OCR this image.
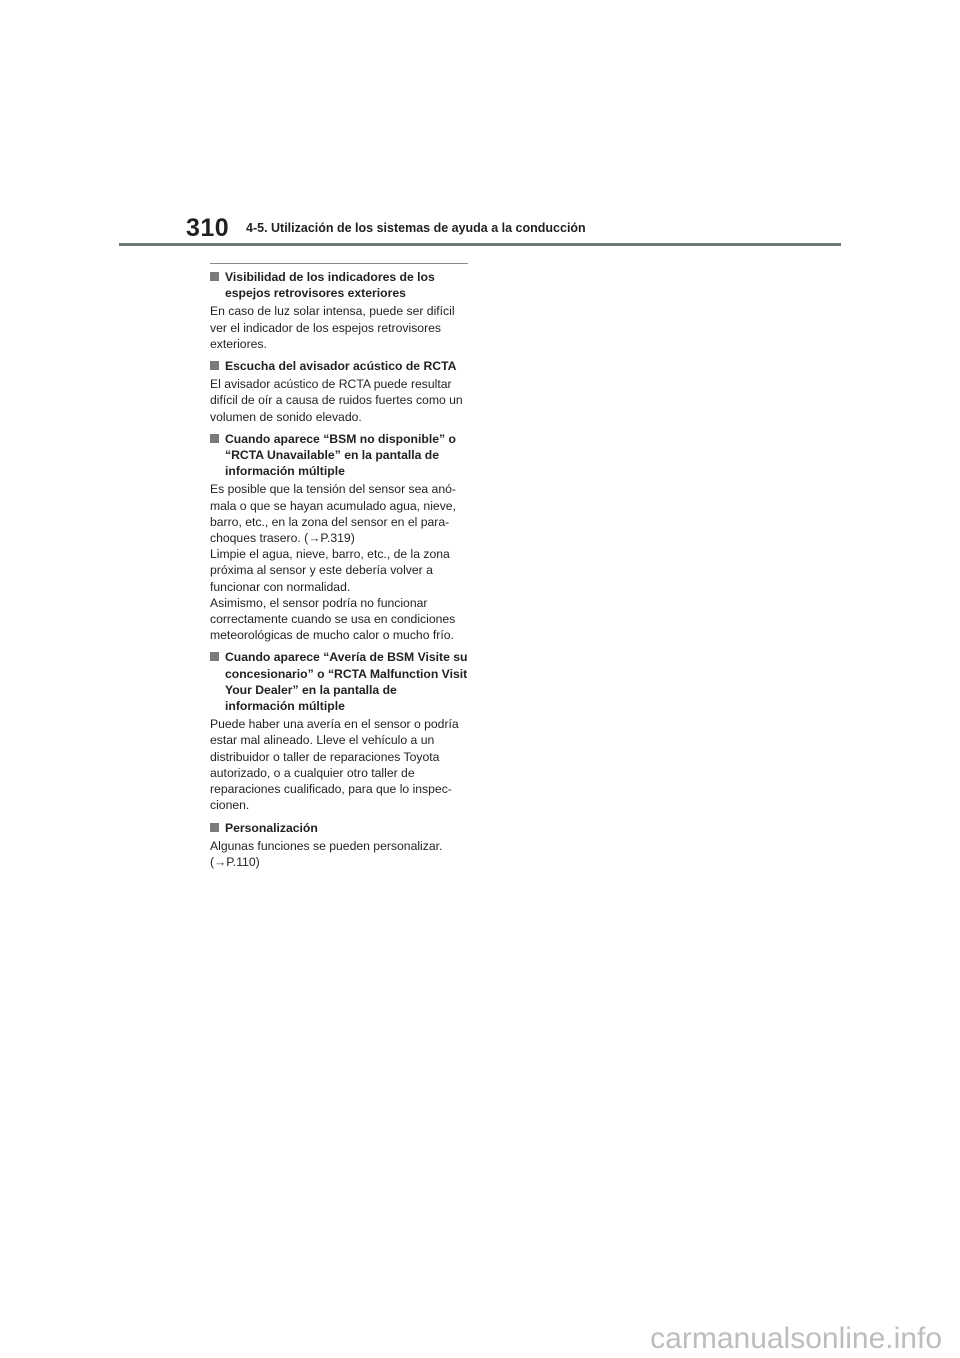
310 4-5. Utilización de los sistemas de ayuda a la conducción
Visibilidad de los indicadores de los espejos retrovisores exteriores
En caso de luz solar intensa, puede ser difícil ver el indicador de los espejos retrovisores exteriores.
Escucha del avisador acústico de RCTA
El avisador acústico de RCTA puede resultar difícil de oír a causa de ruidos fuertes como un volumen de sonido elevado.
Cuando aparece “BSM no disponible” o “RCTA Unavailable” en la pantalla de información múltiple
Es posible que la tensión del sensor sea anó-mala o que se hayan acumulado agua, nieve, barro, etc., en la zona del sensor en el para-choques trasero. (→P.319)
Limpie el agua, nieve, barro, etc., de la zona próxima al sensor y este debería volver a funcionar con normalidad.
Asimismo, el sensor podría no funcionar correctamente cuando se usa en condiciones meteorológicas de mucho calor o mucho frío.
Cuando aparece “Avería de BSM Visite su concesionario” o “RCTA Malfunction Visit Your Dealer” en la pantalla de información múltiple
Puede haber una avería en el sensor o podría estar mal alineado. Lleve el vehículo a un distribuidor o taller de reparaciones Toyota autorizado, o a cualquier otro taller de reparaciones cualificado, para que lo inspec-cionen.
Personalización
Algunas funciones se pueden personalizar.
(→P.110)
carmanualsonline.info
